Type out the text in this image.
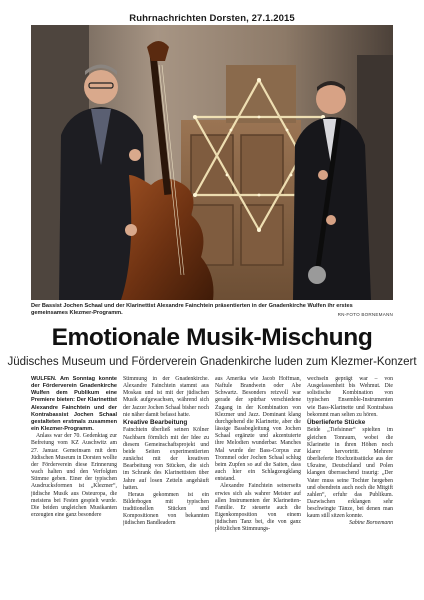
Ruhrnachrichten Dorsten, 27.1.2015
Der Bassist Jochen Schaal und der Klarinettist Alexandre Fainchtein präsentierten in der Gnadenkirche Wulfen ihr erstes gemeinsames Klezmer-Programm.	RN-FOTO BORNEMANN
Emotionale Musik-Mischung
Jüdisches Museum und Förderverein Gnadenkirche luden zum Klezmer-Konzert

WULFEN. Am Sonntag konnte der Förderverein Gnadenkirche Wulfen dem Publikum eine Premiere bieten: Der Klarinettist Alexandre Fainchtein und der Kontrabassist Jochen Schaal gestalteten erstmals zusammen ein Klezmer-Programm.

Anlass war der 70. Gedenktag zur Befreiung vom KZ Auschwitz am 27. Januar. Gemeinsam mit dem Jüdischen Museum in Dorsten wollte der Förderverein diese Erinnerung wach halten und den Verfolgten Stimme geben. Einer der typischen Ausdrucksformen ist „Klezmer“, jüdische Musik aus Osteuropa, die meistens bei Festen gespielt wurde. Die beiden ungleichen Musikanten erzeugten eine ganz besondere

Stimmung in der Gnadenkirche. Alexandre Fainchtein stammt aus Moskau und ist mit der jüdischen Musik aufgewachsen, während sich der Jazzer Jochen Schaal bisher noch nie näher damit befasst hatte.

Kreative Bearbeitung

Fainchtein überließ seinen Kölner Nachbarn förmlich mit der Idee zu diesem Gemeinschaftsprojekt und beide Seiten experimentierten zunächst mit der kreativen Bearbeitung von Stücken, die sich im Schrank des Klarinettisten über Jahre auf losen Zetteln angehäuft hatten.

Heraus gekommen ist ein Bilderbogen mit typischen traditionellen Stücken und Kompositionen von bekannten jüdischen Bandleadern

aus Amerika wie Jacob Hoffman, Naftule Brandwein oder Abe Schwartz. Besonders reizvoll war gerade der spürbar verschiedene Zugang in der Kombination von Klezmer und Jazz. Dominant klang durchgehend die Klarinette, aber die lässige Bassbegleitung von Jochen Schaal ergänzte und akzentuierte ihre Melodien wunderbar. Manches Mal wurde der Bass-Corpus zur Trommel oder Jochen Schaal schlug beim Zupfen so auf die Saiten, dass auch hier ein Schlagzeugklang entstand.

Alexandre Fainchtein seinerseits erwies sich als wahrer Meister auf allen Instrumenten der Klarinetten-Familie. Er steuerte auch die Eigenkomposition von einem jüdischen Tanz bei, die von ganz plötzlichen Stimmungs-

wechseln geprägt war – von Ausgelassenheit bis Wehmut. Die solistische Kombination von typischen Ensemble-Instrumenten wie Bass-Klarinette und Kontrabass bekommt man selten zu hören.

Überlieferte Stücke

Beide „Tiefsinner“ spielten im gleichen Tonraum, wobei die Klarinette in ihren Höhen noch klarer hervortritt. Mehrere überlieferte Hochzeitsstücke aus der Ukraine, Deutschland und Polen klangen überraschend traurig: „Der Vater muss seine Tochter hergeben und obendrein auch noch die Mitgift zahlen“, erfuhr das Publikum. Dazwischen erklangen sehr beschwingte Tänze, bei denen man kaum still sitzen konnte.

Sabine Bornemann
